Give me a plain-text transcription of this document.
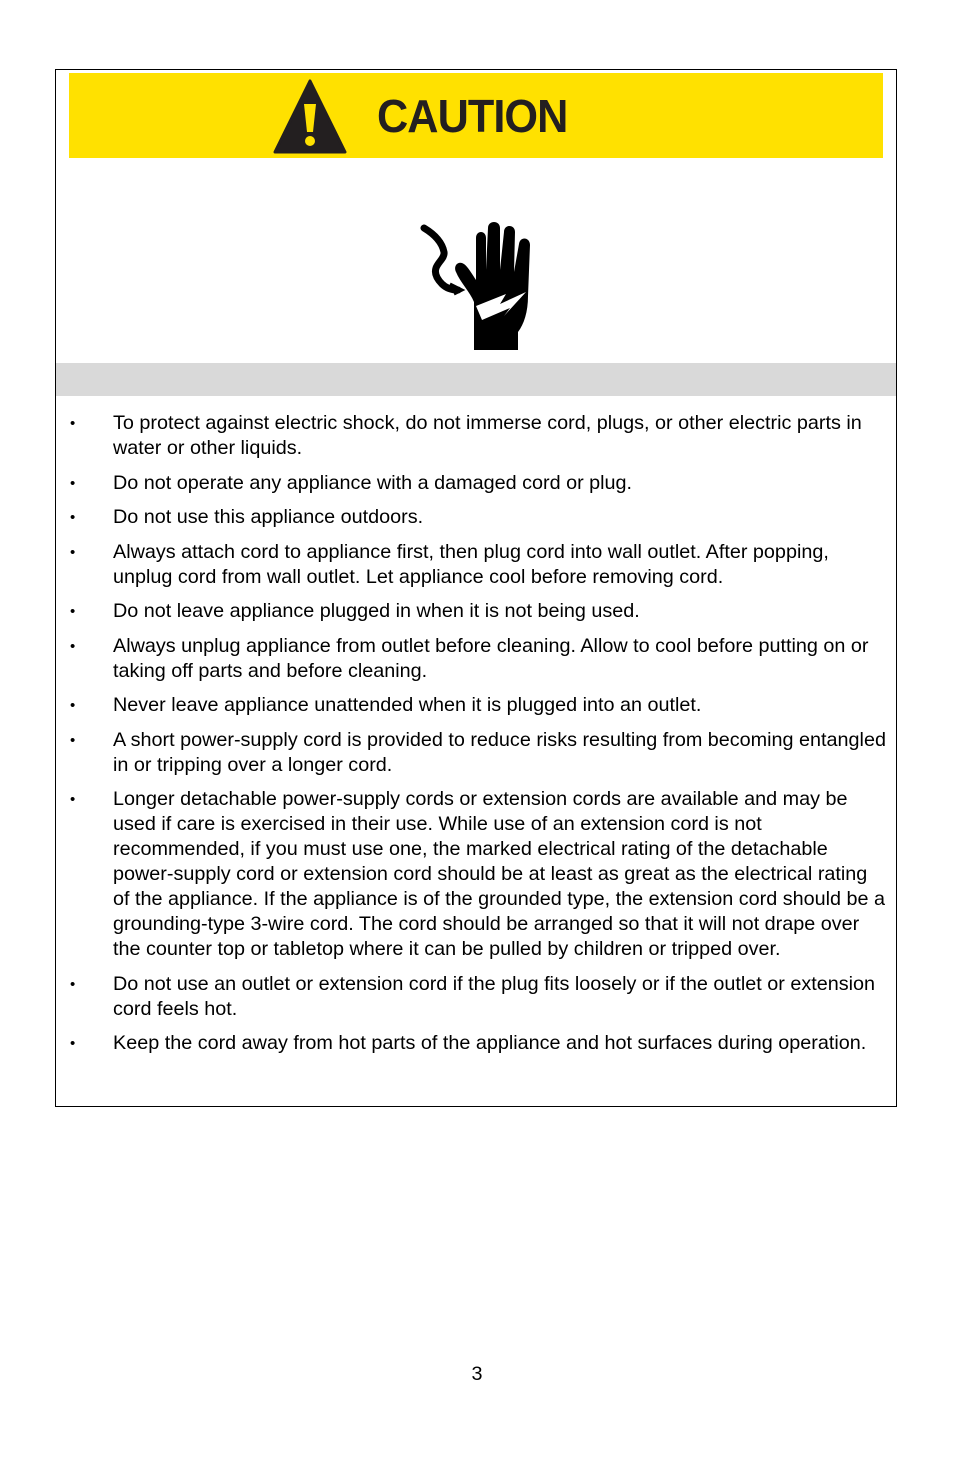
CAUTION
• To protect against electric shock, do not immerse cord, plugs, or other electric parts in water or other liquids.
• Do not operate any appliance with a damaged cord or plug.
• Do not use this appliance outdoors.
• Always attach cord to appliance first, then plug cord into wall outlet. After popping, unplug cord from wall outlet. Let appliance cool before removing cord.
• Do not leave appliance plugged in when it is not being used.
• Always unplug appliance from outlet before cleaning. Allow to cool before putting on or taking off parts and before cleaning.
• Never leave appliance unattended when it is plugged into an outlet.
• A short power-supply cord is provided to reduce risks resulting from becoming entangled in or tripping over a longer cord.
• Longer detachable power-supply cords or extension cords are available and may be used if care is exercised in their use. While use of an extension cord is not recommended, if you must use one, the marked electrical rating of the detachable power-supply cord or extension cord should be at least as great as the electrical rating of the appliance. If the appliance is of the grounded type, the extension cord should be a grounding-type 3-wire cord. The cord should be arranged so that it will not drape over the counter top or tabletop where it can be pulled by children or tripped over.
• Do not use an outlet or extension cord if the plug fits loosely or if the outlet or extension cord feels hot.
• Keep the cord away from hot parts of the appliance and hot surfaces during operation.
3
